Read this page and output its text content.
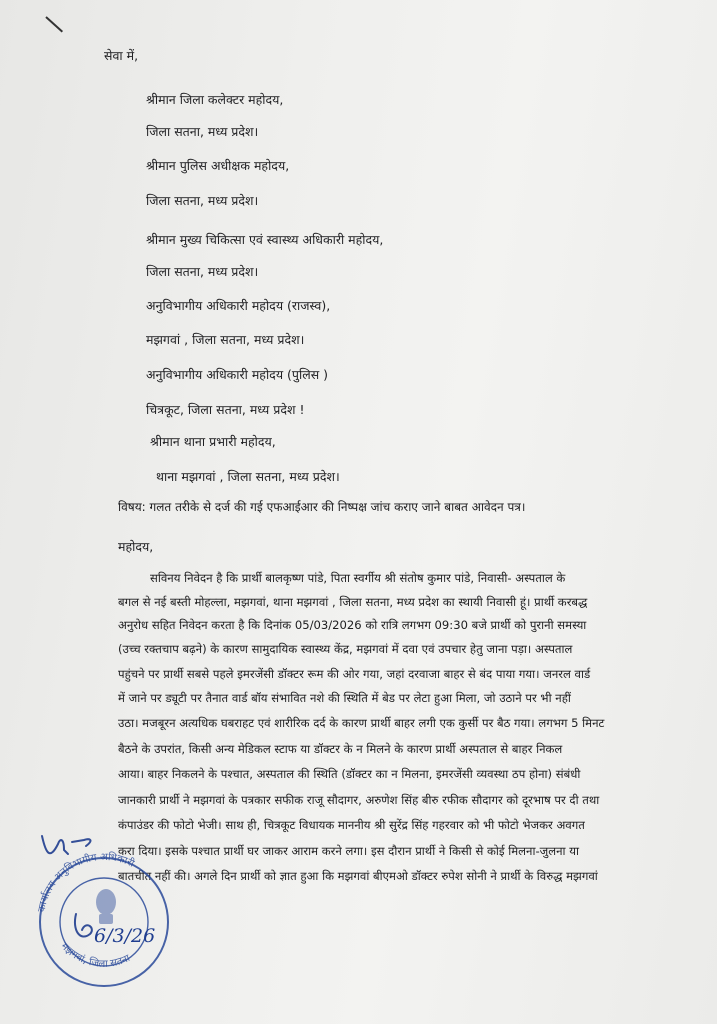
सेवा में,
श्रीमान जिला कलेक्टर महोदय,
जिला सतना, मध्य प्रदेश।
श्रीमान पुलिस अधीक्षक महोदय,
जिला सतना, मध्य प्रदेश।
श्रीमान मुख्य चिकित्सा एवं स्वास्थ्य अधिकारी महोदय,
जिला सतना, मध्य प्रदेश।
अनुविभागीय अधिकारी महोदय (राजस्व),
मझगवां , जिला सतना, मध्य प्रदेश।
अनुविभागीय अधिकारी महोदय (पुलिस )
चित्रकूट, जिला सतना, मध्य प्रदेश !
श्रीमान थाना प्रभारी महोदय,
थाना मझगवां , जिला सतना, मध्य प्रदेश।
विषय: गलत तरीके से दर्ज की गई एफआईआर की निष्पक्ष जांच कराए जाने बाबत आवेदन पत्र।
महोदय,
सविनय निवेदन है कि प्रार्थी बालकृष्ण पांडे, पिता स्वर्गीय श्री संतोष कुमार पांडे, निवासी- अस्पताल के
बगल से नई बस्ती मोहल्ला, मझगवां, थाना मझगवां , जिला सतना, मध्य प्रदेश का स्थायी निवासी हूं। प्रार्थी करबद्ध
अनुरोध सहित निवेदन करता है कि दिनांक 05/03/2026 को रात्रि लगभग 09:30 बजे प्रार्थी को पुरानी समस्या
(उच्च रक्तचाप बढ़ने) के कारण सामुदायिक स्वास्थ्य केंद्र, मझगवां में दवा एवं उपचार हेतु जाना पड़ा। अस्पताल
पहुंचने पर प्रार्थी सबसे पहले इमरजेंसी डॉक्टर रूम की ओर गया, जहां दरवाजा बाहर से बंद पाया गया। जनरल वार्ड
में जाने पर ड्यूटी पर तैनात वार्ड बॉय संभावित नशे की स्थिति में बेड पर लेटा हुआ मिला, जो उठाने पर भी नहीं
उठा। मजबूरन अत्यधिक घबराहट एवं शारीरिक दर्द के कारण प्रार्थी बाहर लगी एक कुर्सी पर बैठ गया। लगभग 5 मिनट
बैठने के उपरांत, किसी अन्य मेडिकल स्टाफ या डॉक्टर के न मिलने के कारण प्रार्थी अस्पताल से बाहर निकल
आया। बाहर निकलने के पश्चात, अस्पताल की स्थिति (डॉक्टर का न मिलना, इमरजेंसी व्यवस्था ठप होना) संबंधी
जानकारी प्रार्थी ने मझगवां के पत्रकार सफीक राजू सौदागर, अरुणेश सिंह बीरु रफीक सौदागर को दूरभाष पर दी तथा
कंपाउंडर की फोटो भेजी। साथ ही, चित्रकूट विधायक माननीय श्री सुरेंद्र सिंह गहरवार को भी फोटो भेजकर अवगत
करा दिया। इसके पश्चात प्रार्थी घर जाकर आराम करने लगा। इस दौरान प्रार्थी ने किसी से कोई मिलना-जुलना या
बातचीत नहीं की। अगले दिन प्रार्थी को ज्ञात हुआ कि मझगवां बीएमओ डॉक्टर रुपेश सोनी ने प्रार्थी के विरुद्ध मझगवां
कार्यालय अनुविभागीय अधिकारी
मझगवां, जिला सतना
6/3/26
